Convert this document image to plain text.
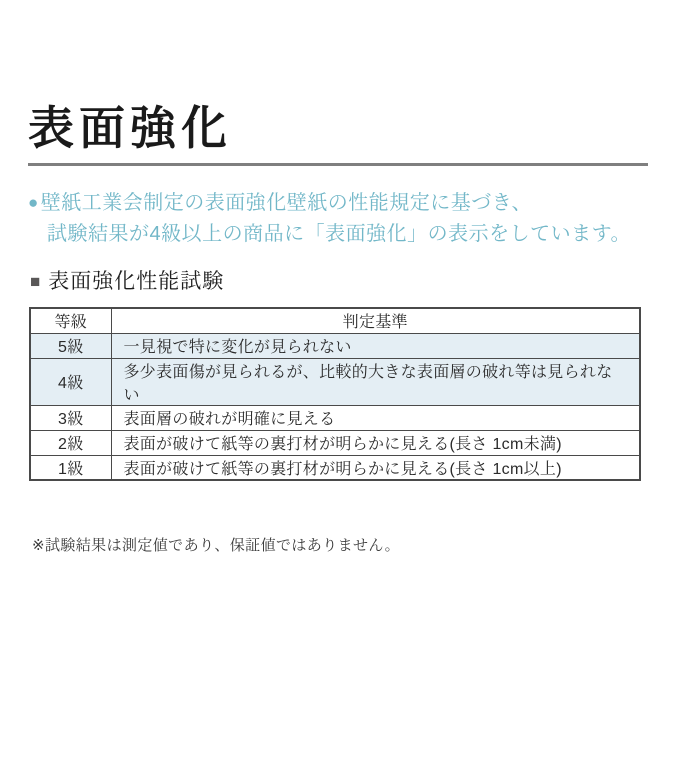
表面強化
● 壁紙工業会制定の表面強化壁紙の性能規定に基づき、
試験結果が4級以上の商品に「表面強化」の表示をしています。
■ 表面強化性能試験
等級	判定基準
5級	一見視で特に変化が見られない
4級	多少表面傷が見られるが、比較的大きな表面層の破れ等は見られない
3級	表面層の破れが明確に見える
2級	表面が破けて紙等の裏打材が明らかに見える(長さ 1cm未満)
1級	表面が破けて紙等の裏打材が明らかに見える(長さ 1cm以上)
※試験結果は測定値であり、保証値ではありません。
